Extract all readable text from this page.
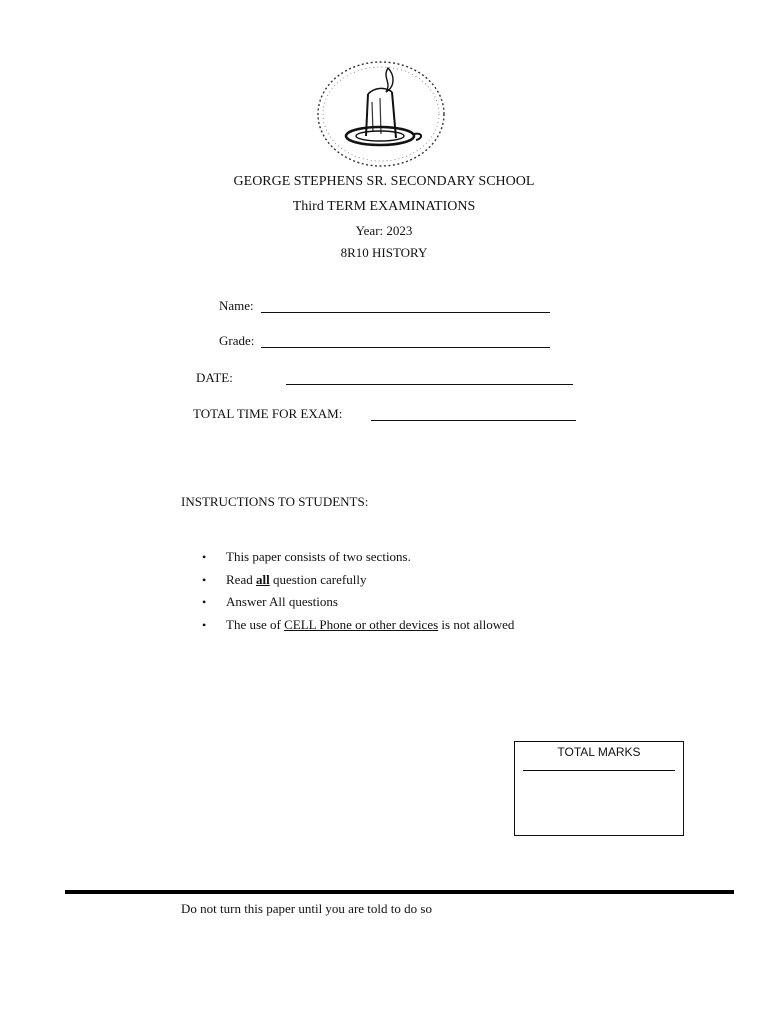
GEORGE STEPHENS SR. SECONDARY SCHOOL
Third TERM EXAMINATIONS
Year: 2023
8R10 HISTORY
Name:
Grade:
DATE:
TOTAL TIME FOR EXAM:
INSTRUCTIONS TO STUDENTS:
• This paper consists of two sections.
• Read all question carefully
• Answer All questions
• The use of CELL Phone or other devices is not allowed
TOTAL MARKS
Do not turn this paper until you are told to do so
